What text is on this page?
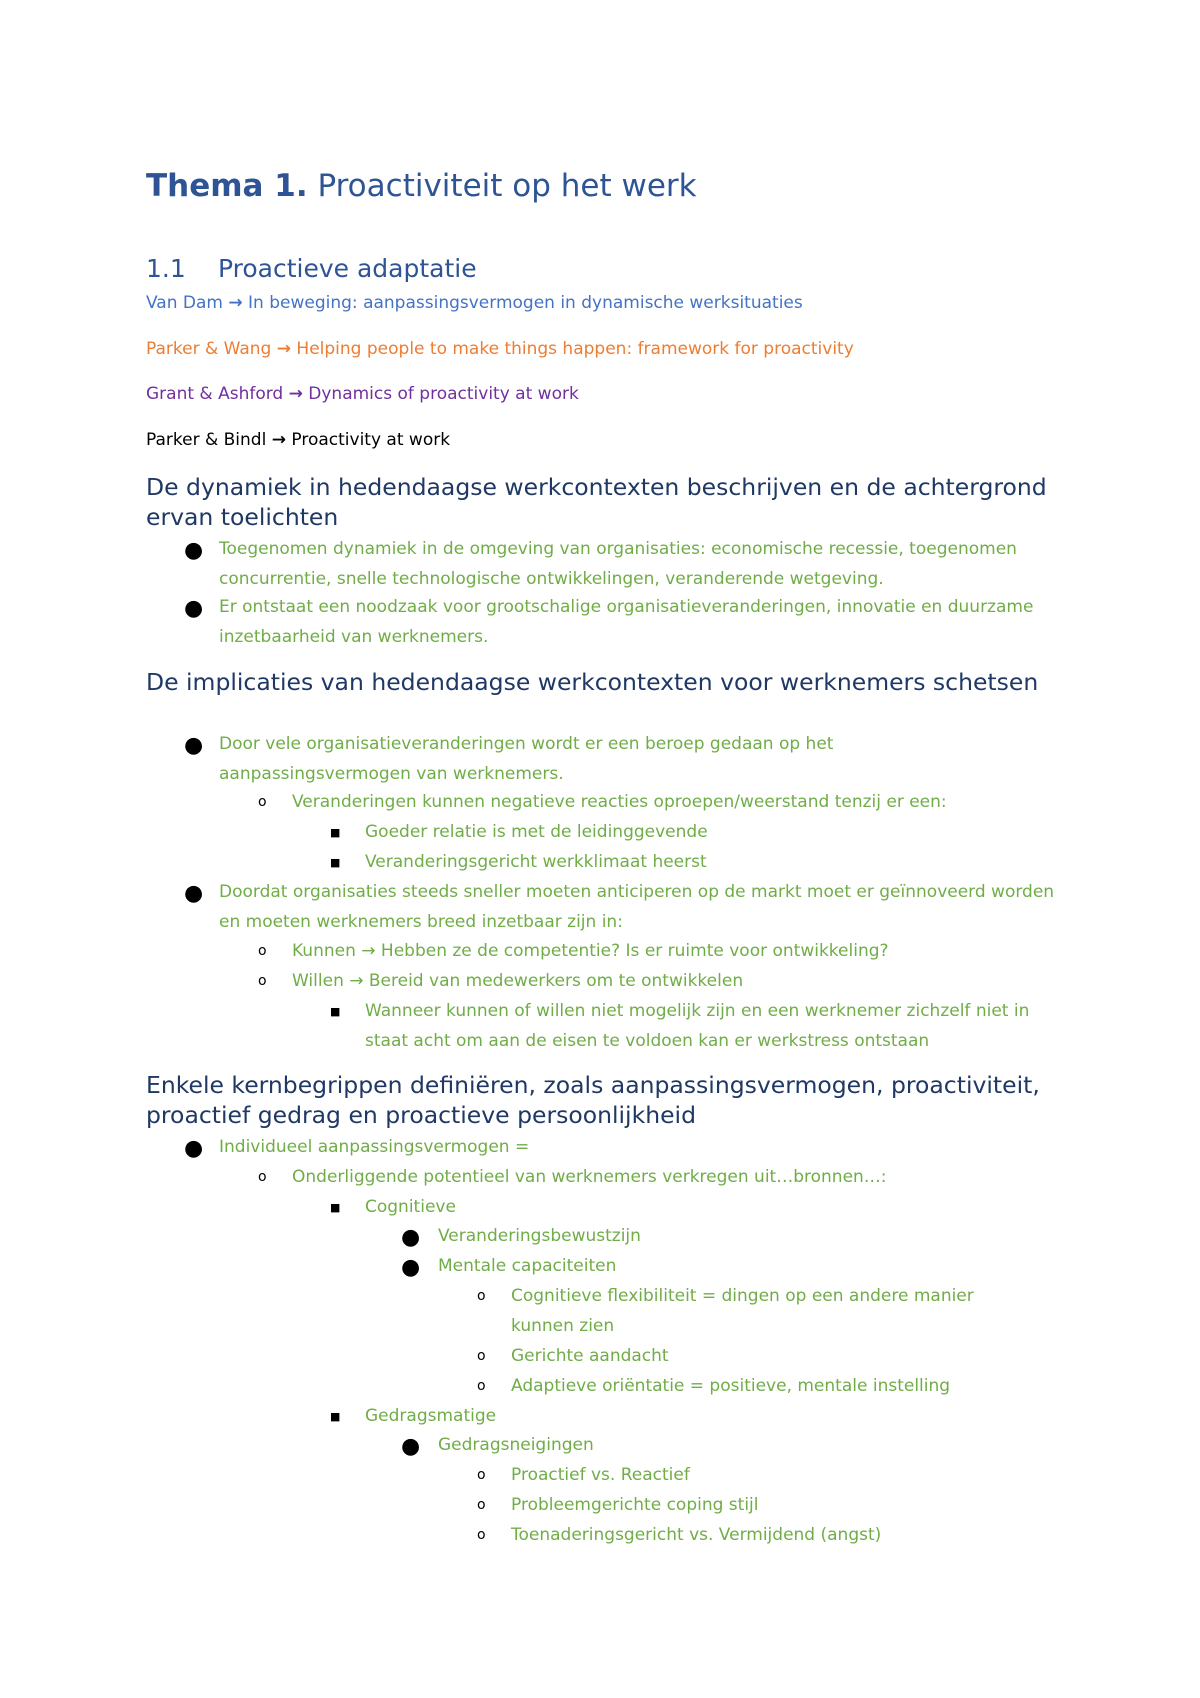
Thema 1. Proactiviteit op het werk
1.1 Proactieve adaptatie
Van Dam → In beweging: aanpassingsvermogen in dynamische werksituaties
Parker & Wang → Helping people to make things happen: framework for proactivity
Grant & Ashford → Dynamics of proactivity at work
Parker & Bindl → Proactivity at work
De dynamiek in hedendaagse werkcontexten beschrijven en de achtergrond ervan toelichten
● Toegenomen dynamiek in de omgeving van organisaties: economische recessie, toegenomen concurrentie, snelle technologische ontwikkelingen, veranderende wetgeving.
● Er ontstaat een noodzaak voor grootschalige organisatieveranderingen, innovatie en duurzame inzetbaarheid van werknemers.
De implicaties van hedendaagse werkcontexten voor werknemers schetsen
● Door vele organisatieveranderingen wordt er een beroep gedaan op het aanpassingsvermogen van werknemers.
o Veranderingen kunnen negatieve reacties oproepen/weerstand tenzij er een:
■ Goeder relatie is met de leidinggevende
■ Veranderingsgericht werkklimaat heerst
● Doordat organisaties steeds sneller moeten anticiperen op de markt moet er geïnnoveerd worden en moeten werknemers breed inzetbaar zijn in:
o Kunnen → Hebben ze de competentie? Is er ruimte voor ontwikkeling?
o Willen → Bereid van medewerkers om te ontwikkelen
■ Wanneer kunnen of willen niet mogelijk zijn en een werknemer zichzelf niet in staat acht om aan de eisen te voldoen kan er werkstress ontstaan
Enkele kernbegrippen definiëren, zoals aanpassingsvermogen, proactiviteit, proactief gedrag en proactieve persoonlijkheid
● Individueel aanpassingsvermogen =
o Onderliggende potentieel van werknemers verkregen uit…bronnen…:
■ Cognitieve
● Veranderingsbewustzijn
● Mentale capaciteiten
o Cognitieve flexibiliteit = dingen op een andere manier kunnen zien
o Gerichte aandacht
o Adaptieve oriëntatie = positieve, mentale instelling
■ Gedragsmatige
● Gedragsneigingen
o Proactief vs. Reactief
o Probleemgerichte coping stijl
o Toenaderingsgericht vs. Vermijdend (angst)
